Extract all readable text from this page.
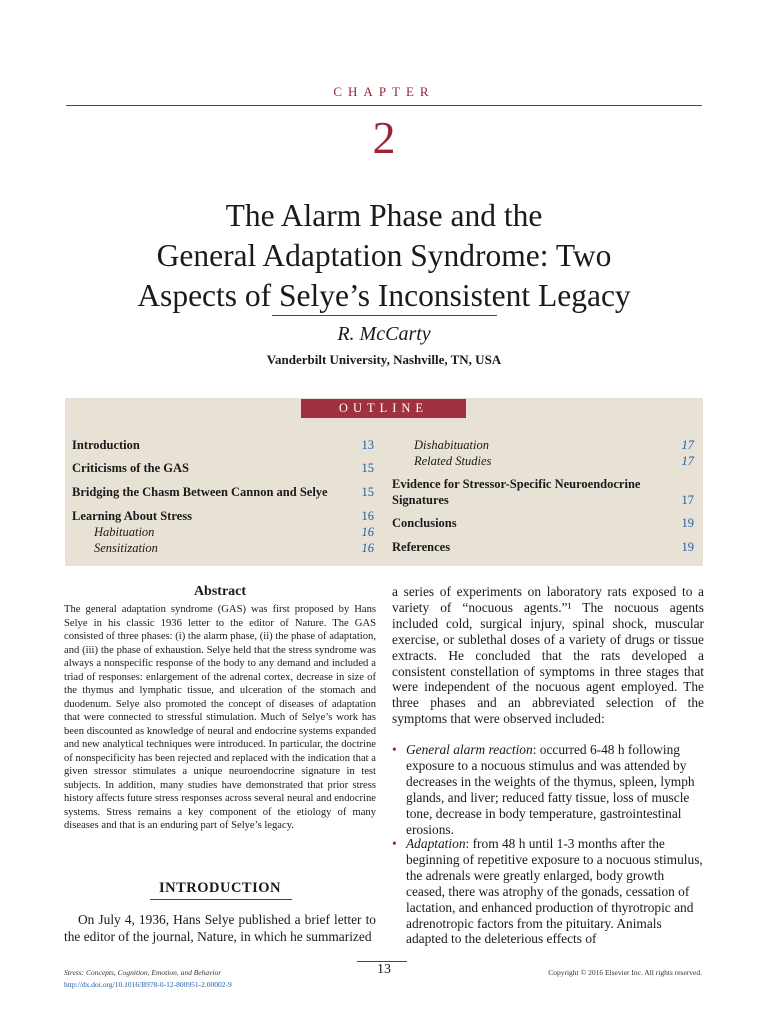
CHAPTER
2
The Alarm Phase and the
General Adaptation Syndrome: Two
Aspects of Selye’s Inconsistent Legacy
R. McCarty
Vanderbilt University, Nashville, TN, USA
OUTLINE
Introduction	13
Criticisms of the GAS	15
Bridging the Chasm Between Cannon and Selye	15
Learning About Stress	16
Habituation	16
Sensitization	16
Dishabituation	17
Related Studies	17
Evidence for Stressor-Specific Neuroendocrine
Signatures	17
Conclusions	19
References	19
Abstract
The general adaptation syndrome (GAS) was first proposed by Hans Selye in his classic 1936 letter to the editor of Nature. The GAS consisted of three phases: (i) the alarm phase, (ii) the phase of adaptation, and (iii) the phase of exhaustion. Selye held that the stress syndrome was always a nonspecific response of the body to any demand and included a triad of responses: enlargement of the adrenal cortex, decrease in size of the thymus and lymphatic tissue, and ulceration of the stomach and duodenum. Selye also promoted the concept of diseases of adaptation that were connected to stressful stimulation. Much of Selye’s work has been discounted as knowledge of neural and endocrine systems expanded and new analytical techniques were introduced. In particular, the doctrine of nonspecificity has been rejected and replaced with the indication that a given stressor stimulates a unique neuroendocrine signature in test subjects. In addition, many studies have demonstrated that prior stress history affects future stress responses across several neural and endocrine systems. Stress remains a key component of the etiology of many diseases and that is an enduring part of Selye’s legacy.
INTRODUCTION
On July 4, 1936, Hans Selye published a brief letter to the editor of the journal, Nature, in which he summarized
a series of experiments on laboratory rats exposed to a variety of “nocuous agents.”¹ The nocuous agents included cold, surgical injury, spinal shock, muscular exercise, or sublethal doses of a variety of drugs or tissue extracts. He concluded that the rats developed a consistent constellation of symptoms in three stages that were independent of the nocuous agent employed. The three phases and an abbreviated selection of the symptoms that were observed included:
• General alarm reaction: occurred 6-48 h following exposure to a nocuous stimulus and was attended by decreases in the weights of the thymus, spleen, lymph glands, and liver; reduced fatty tissue, loss of muscle tone, decrease in body temperature, gastrointestinal erosions.
• Adaptation: from 48 h until 1-3 months after the beginning of repetitive exposure to a nocuous stimulus, the adrenals were greatly enlarged, body growth ceased, there was atrophy of the gonads, cessation of lactation, and enhanced production of thyrotropic and adrenotropic factors from the pituitary. Animals adapted to the deleterious effects of
13
Stress: Concepts, Cognition, Emotion, and Behavior
http://dx.doi.org/10.1016/B978-0-12-800951-2.00002-9
Copyright © 2016 Elsevier Inc. All rights reserved.
